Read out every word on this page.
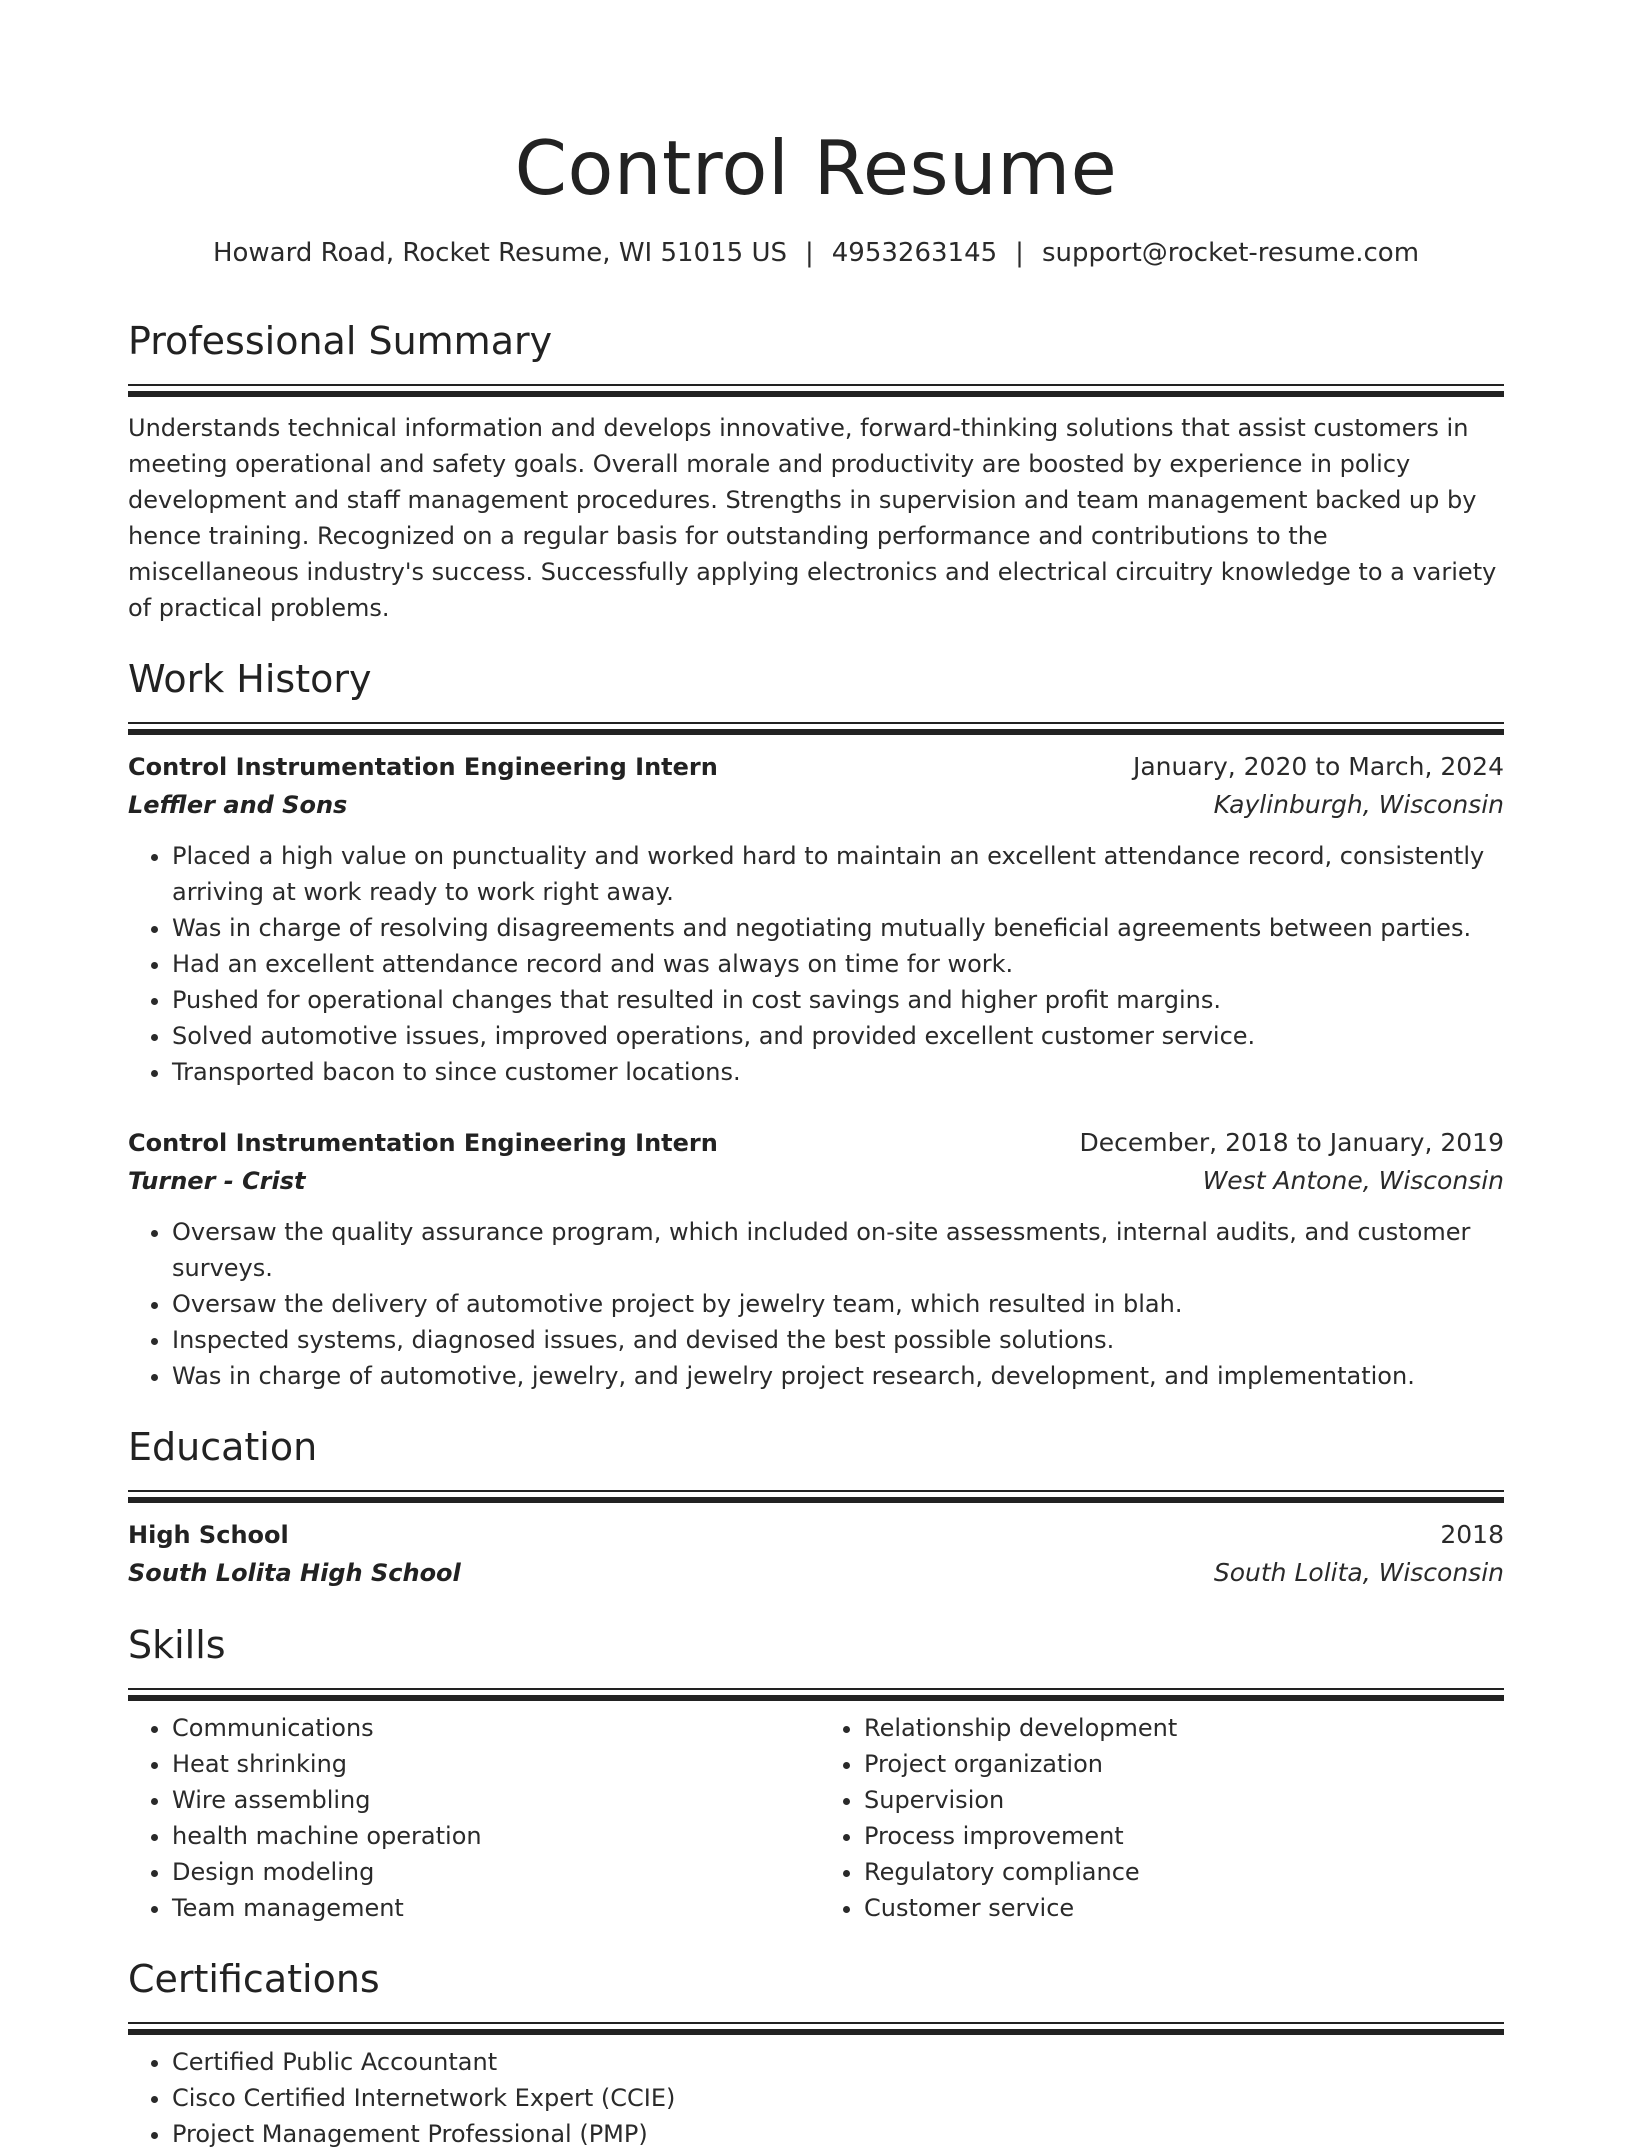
Control Resume
Howard Road, Rocket Resume, WI 51015 US | 4953263145 | support@rocket-resume.com
Professional Summary

Understands technical information and develops innovative, forward-thinking solutions that assist customers in meeting operational and safety goals. Overall morale and productivity are boosted by experience in policy development and staff management procedures. Strengths in supervision and team management backed up by hence training. Recognized on a regular basis for outstanding performance and contributions to the miscellaneous industry's success. Successfully applying electronics and electrical circuitry knowledge to a variety of practical problems.

Work History
Control Instrumentation Engineering Intern	January, 2020 to March, 2024
Leffler and Sons	Kaylinburgh, Wisconsin
• Placed a high value on punctuality and worked hard to maintain an excellent attendance record, consistently arriving at work ready to work right away.
• Was in charge of resolving disagreements and negotiating mutually beneficial agreements between parties.
• Had an excellent attendance record and was always on time for work.
• Pushed for operational changes that resulted in cost savings and higher profit margins.
• Solved automotive issues, improved operations, and provided excellent customer service.
• Transported bacon to since customer locations.
Control Instrumentation Engineering Intern	December, 2018 to January, 2019
Turner - Crist	West Antone, Wisconsin
• Oversaw the quality assurance program, which included on-site assessments, internal audits, and customer surveys.
• Oversaw the delivery of automotive project by jewelry team, which resulted in blah.
• Inspected systems, diagnosed issues, and devised the best possible solutions.
• Was in charge of automotive, jewelry, and jewelry project research, development, and implementation.
Education
High School	2018
South Lolita High School	South Lolita, Wisconsin
Skills
• Communications
• Heat shrinking
• Wire assembling
• health machine operation
• Design modeling
• Team management
• Relationship development
• Project organization
• Supervision
• Process improvement
• Regulatory compliance
• Customer service
Certifications
• Certified Public Accountant
• Cisco Certified Internetwork Expert (CCIE)
• Project Management Professional (PMP)
